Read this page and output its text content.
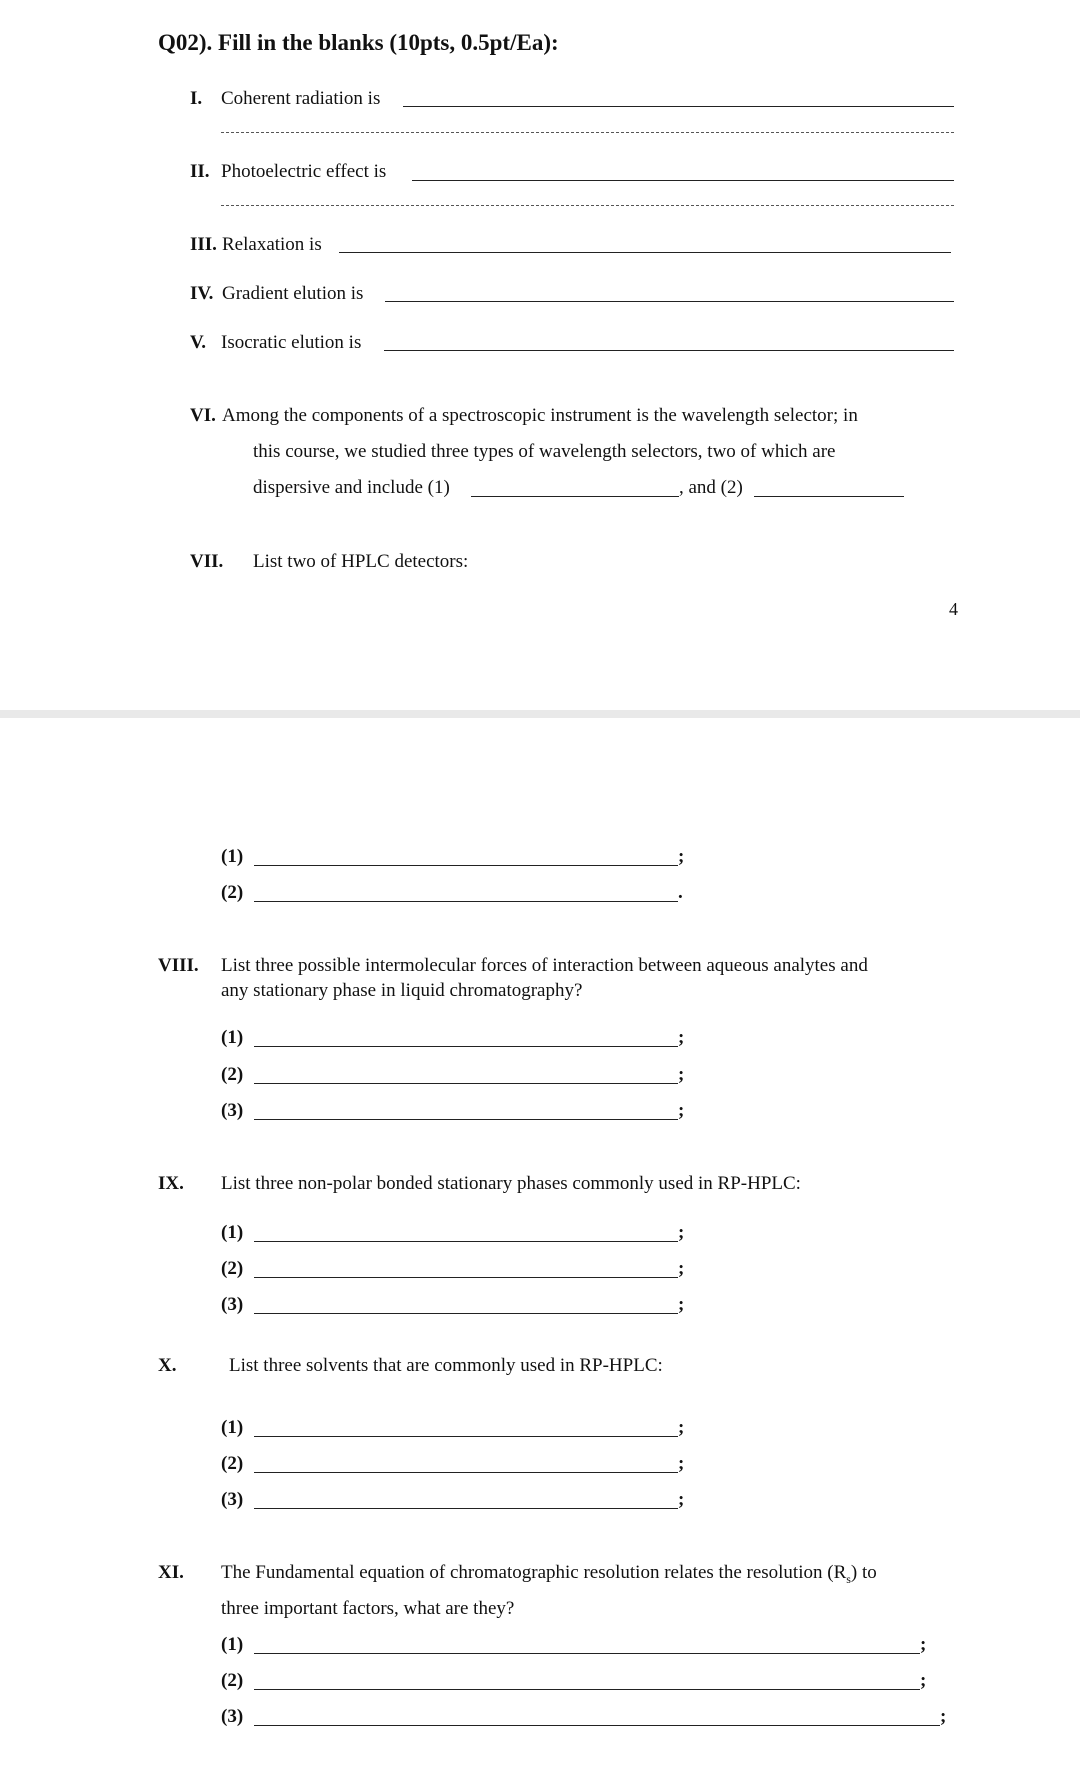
Q02). Fill in the blanks (10pts, 0.5pt/Ea):
I. Coherent radiation is
II. Photoelectric effect is
III. Relaxation is
IV. Gradient elution is
V. Isocratic elution is
VI. Among the components of a spectroscopic instrument is the wavelength selector; in
this course, we studied three types of wavelength selectors, two of which are
dispersive and include (1)	, and (2)
VII. List two of HPLC detectors:
4
(1)	;
(2)	.
VIII. List three possible intermolecular forces of interaction between aqueous analytes and
any stationary phase in liquid chromatography?
(1)	;
(2)	;
(3)	;
IX. List three non-polar bonded stationary phases commonly used in RP-HPLC:
(1)	;
(2)	;
(3)	;
X.	List three solvents that are commonly used in RP-HPLC:
(1)	;
(2)	;
(3)	;
XI. The Fundamental equation of chromatographic resolution relates the resolution $(R_s)$ to
three important factors, what are they?
(1)	;
(2)	;
(3)	;
